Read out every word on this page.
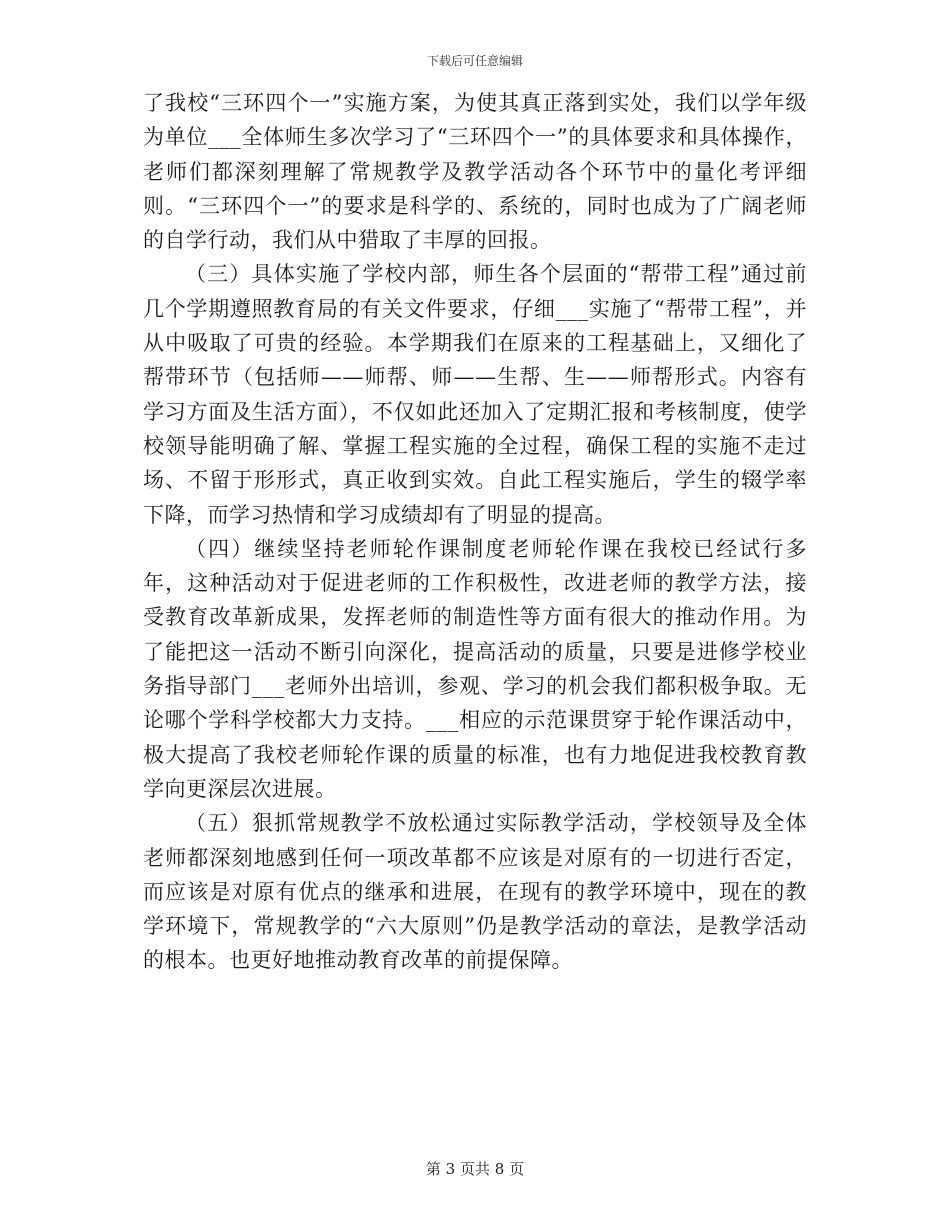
下载后可任意编辑

了我校“三环四个一”实施方案，为使其真正落到实处，我们以学年级为单位___全体师生多次学习了“三环四个一”的具体要求和具体操作，老师们都深刻理解了常规教学及教学活动各个环节中的量化考评细则。“三环四个一”的要求是科学的、系统的，同时也成为了广阔老师的自学行动，我们从中猎取了丰厚的回报。

（三）具体实施了学校内部，师生各个层面的“帮带工程”通过前几个学期遵照教育局的有关文件要求，仔细___实施了“帮带工程”，并从中吸取了可贵的经验。本学期我们在原来的工程基础上，又细化了帮带环节（包括师——师帮、师——生帮、生——师帮形式。内容有学习方面及生活方面），不仅如此还加入了定期汇报和考核制度，使学校领导能明确了解、掌握工程实施的全过程，确保工程的实施不走过场、不留于形形式，真正收到实效。自此工程实施后，学生的辍学率下降，而学习热情和学习成绩却有了明显的提高。

（四）继续坚持老师轮作课制度老师轮作课在我校已经试行多年，这种活动对于促进老师的工作积极性，改进老师的教学方法，接受教育改革新成果，发挥老师的制造性等方面有很大的推动作用。为了能把这一活动不断引向深化，提高活动的质量，只要是进修学校业务指导部门___老师外出培训，参观、学习的机会我们都积极争取。无论哪个学科学校都大力支持。___相应的示范课贯穿于轮作课活动中，极大提高了我校老师轮作课的质量的标准，也有力地促进我校教育教学向更深层次进展。

（五）狠抓常规教学不放松通过实际教学活动，学校领导及全体老师都深刻地感到任何一项改革都不应该是对原有的一切进行否定，而应该是对原有优点的继承和进展，在现有的教学环境中，现在的教学环境下，常规教学的“六大原则”仍是教学活动的章法，是教学活动的根本。也更好地推动教育改革的前提保障。

第 3 页共 8 页
